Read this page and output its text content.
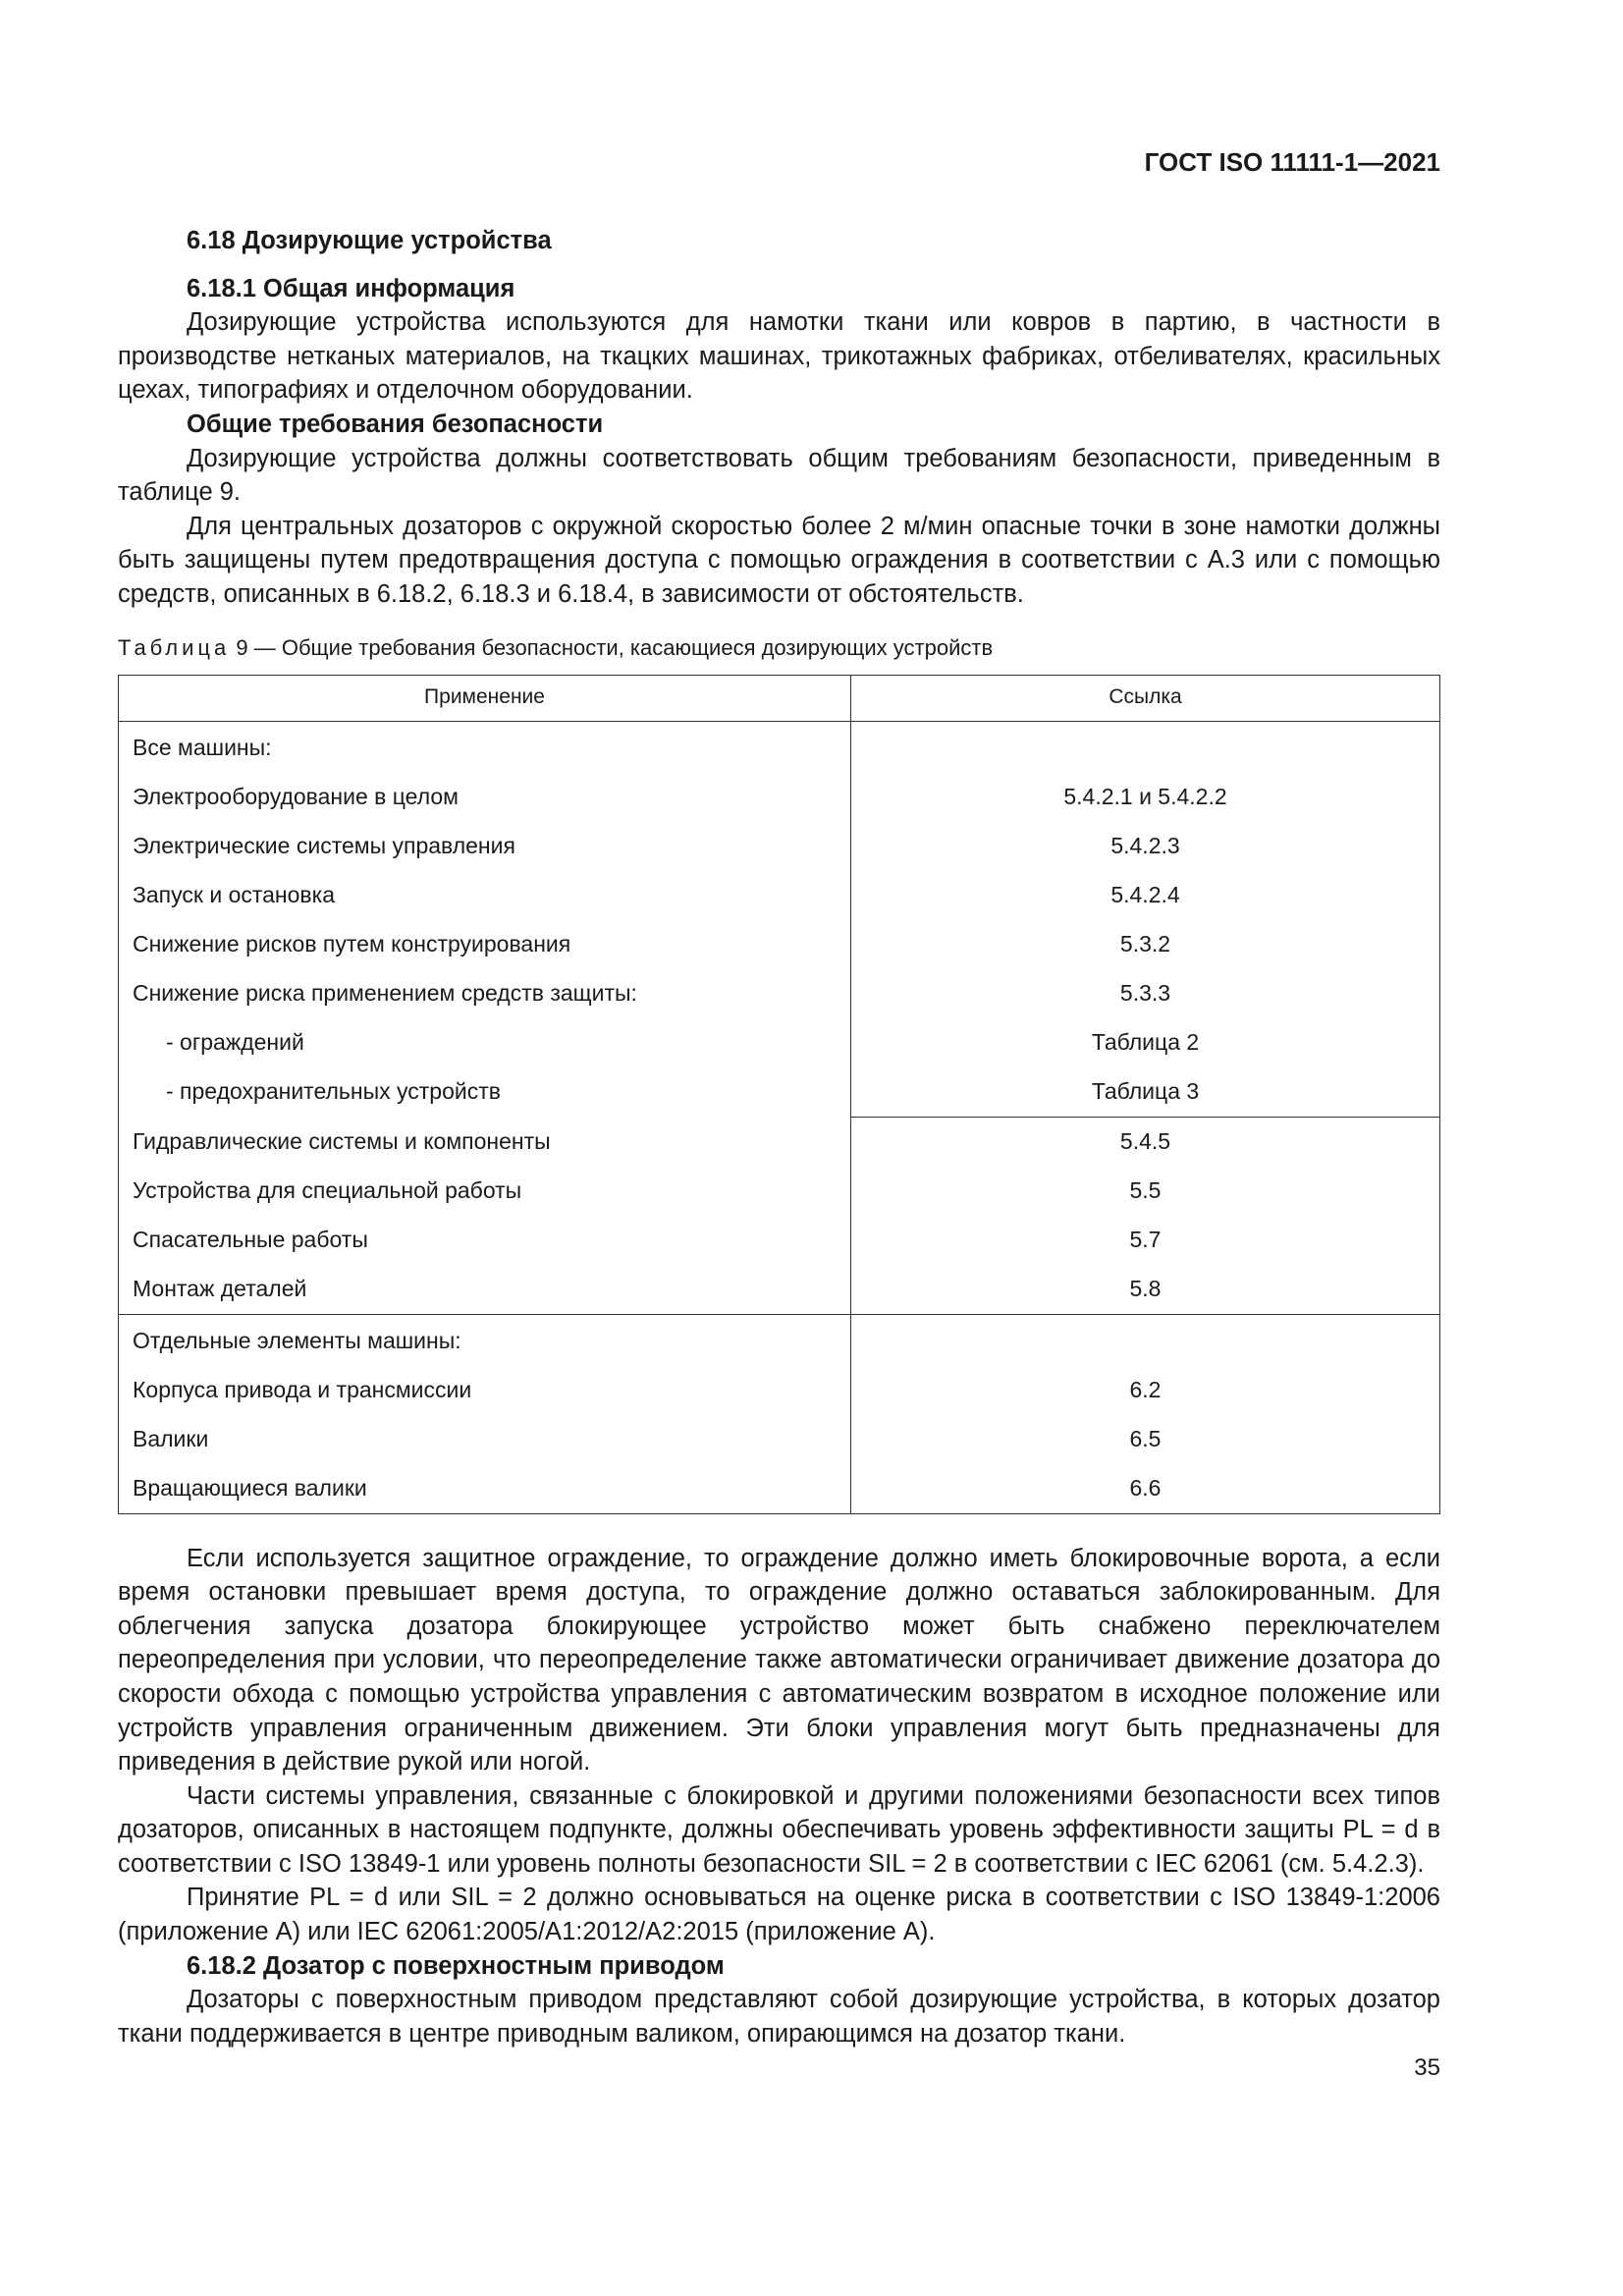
ГОСТ ISO 11111-1—2021

6.18 Дозирующие устройства

6.18.1 Общая информация

Дозирующие устройства используются для намотки ткани или ковров в партию, в частности в производстве нетканых материалов, на ткацких машинах, трикотажных фабриках, отбеливателях, красильных цехах, типографиях и отделочном оборудовании.

Общие требования безопасности

Дозирующие устройства должны соответствовать общим требованиям безопасности, приведенным в таблице 9.

Для центральных дозаторов с окружной скоростью более 2 м/мин опасные точки в зоне намотки должны быть защищены путем предотвращения доступа с помощью ограждения в соответствии с А.3 или с помощью средств, описанных в 6.18.2, 6.18.3 и 6.18.4, в зависимости от обстоятельств.

Таблица 9 — Общие требования безопасности, касающиеся дозирующих устройств

Применение	Ссылка
Все машины:	
Электрооборудование в целом	5.4.2.1 и 5.4.2.2
Электрические системы управления	5.4.2.3
Запуск и остановка	5.4.2.4
Снижение рисков путем конструирования	5.3.2
Снижение риска применением средств защиты:	5.3.3
- ограждений	Таблица 2
- предохранительных устройств	Таблица 3
Гидравлические системы и компоненты	5.4.5
Устройства для специальной работы	5.5
Спасательные работы	5.7
Монтаж деталей	5.8
Отдельные элементы машины:	
Корпуса привода и трансмиссии	6.2
Валики	6.5
Вращающиеся валики	6.6

Если используется защитное ограждение, то ограждение должно иметь блокировочные ворота, а если время остановки превышает время доступа, то ограждение должно оставаться заблокированным. Для облегчения запуска дозатора блокирующее устройство может быть снабжено переключателем переопределения при условии, что переопределение также автоматически ограничивает движение дозатора до скорости обхода с помощью устройства управления с автоматическим возвратом в исходное положение или устройств управления ограниченным движением. Эти блоки управления могут быть предназначены для приведения в действие рукой или ногой.

Части системы управления, связанные с блокировкой и другими положениями безопасности всех типов дозаторов, описанных в настоящем подпункте, должны обеспечивать уровень эффективности защиты PL = d в соответствии с ISO 13849-1 или уровень полноты безопасности SIL = 2 в соответствии с IEC 62061 (см. 5.4.2.3).

Принятие PL = d или SIL = 2 должно основываться на оценке риска в соответствии с ISO 13849-1:2006 (приложение А) или IEC 62061:2005/A1:2012/A2:2015 (приложение А).

6.18.2 Дозатор с поверхностным приводом

Дозаторы с поверхностным приводом представляют собой дозирующие устройства, в которых дозатор ткани поддерживается в центре приводным валиком, опирающимся на дозатор ткани.

35
